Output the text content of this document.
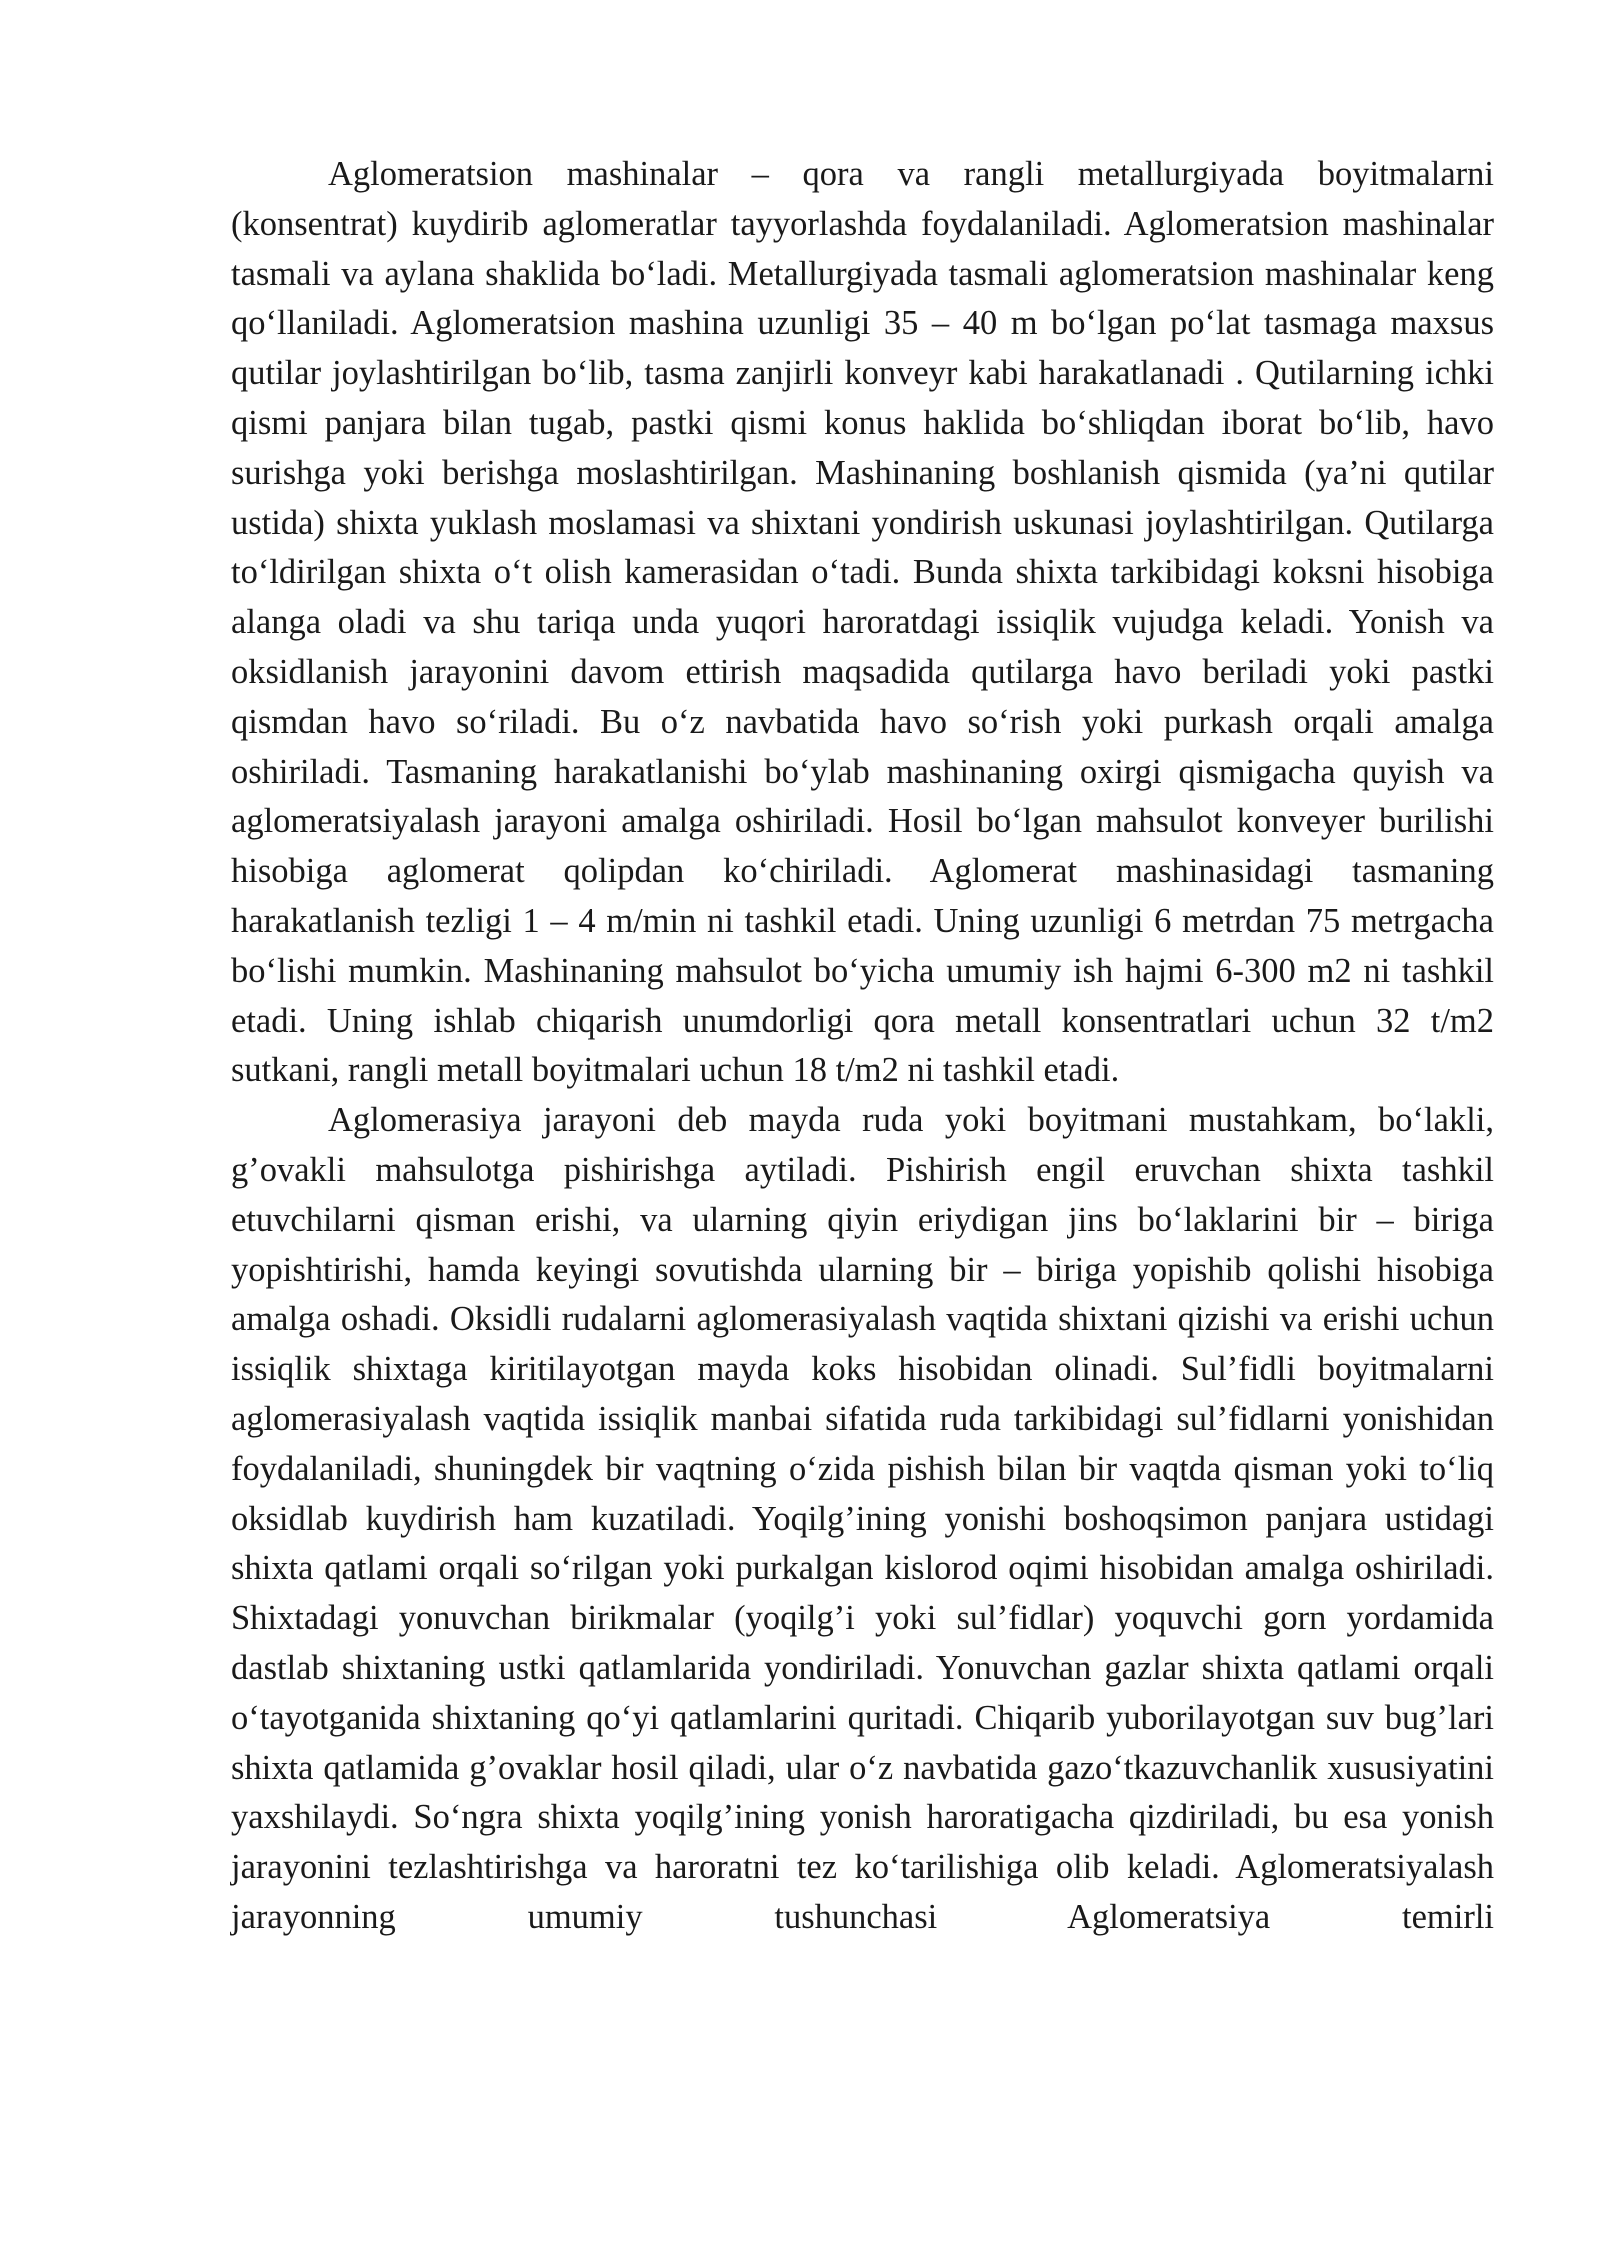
Aglomeratsion mashinalar – qora va rangli metallurgiyada boyitmalarni (konsentrat) kuydirib aglomeratlar tayyorlashda foydalaniladi. Aglomeratsion mashinalar tasmali va aylana shaklida boʻladi. Metallurgiyada tasmali aglomeratsion mashinalar keng qoʻllaniladi. Aglomeratsion mashina uzunligi 35 – 40 m boʻlgan poʻlat tasmaga maxsus qutilar joylashtirilgan boʻlib, tasma zanjirli konveyr kabi harakatlanadi . Qutilarning ichki qismi panjara bilan tugab, pastki qismi konus haklida boʻshliqdan iborat boʻlib, havo surishga yoki berishga moslashtirilgan. Mashinaning boshlanish qismida (ya’ni qutilar ustida) shixta yuklash moslamasi va shixtani yondirish uskunasi joylashtirilgan. Qutilarga toʻldirilgan shixta oʻt olish kamerasidan oʻtadi. Bunda shixta tarkibidagi koksni hisobiga alanga oladi va shu tariqa unda yuqori haroratdagi issiqlik vujudga keladi. Yonish va oksidlanish jarayonini davom ettirish maqsadida qutilarga havo beriladi yoki pastki qismdan havo soʻriladi. Bu oʻz navbatida havo soʻrish yoki purkash orqali amalga oshiriladi. Tasmaning harakatlanishi boʻylab mashinaning oxirgi qismigacha quyish va aglomeratsiyalash jarayoni amalga oshiriladi. Hosil boʻlgan mahsulot konveyer burilishi hisobiga aglomerat qolipdan koʻchiriladi. Aglomerat mashinasidagi tasmaning harakatlanish tezligi 1 – 4 m/min ni tashkil etadi. Uning uzunligi 6 metrdan 75 metrgacha boʻlishi mumkin. Mashinaning mahsulot boʻyicha umumiy ish hajmi 6-300 m2 ni tashkil etadi. Uning ishlab chiqarish unumdorligi qora metall konsentratlari uchun 32 t/m2 sutkani, rangli metall boyitmalari uchun 18 t/m2 ni tashkil etadi.

Aglomerasiya jarayoni deb mayda ruda yoki boyitmani mustahkam, boʻlakli, g’ovakli mahsulotga pishirishga aytiladi. Pishirish engil eruvchan shixta tashkil etuvchilarni qisman erishi, va ularning qiyin eriydigan jins boʻlaklarini bir – biriga yopishtirishi, hamda keyingi sovutishda ularning bir – biriga yopishib qolishi hisobiga amalga oshadi. Oksidli rudalarni aglomerasiyalash vaqtida shixtani qizishi va erishi uchun issiqlik shixtaga kiritilayotgan mayda koks hisobidan olinadi. Sul’fidli boyitmalarni aglomerasiyalash vaqtida issiqlik manbai sifatida ruda tarkibidagi sul’fidlarni yonishidan foydalaniladi, shuningdek bir vaqtning oʻzida pishish bilan bir vaqtda qisman yoki toʻliq oksidlab kuydirish ham kuzatiladi. Yoqilg’ining yonishi boshoqsimon panjara ustidagi shixta qatlami orqali soʻrilgan yoki purkalgan kislorod oqimi hisobidan amalga oshiriladi. Shixtadagi yonuvchan birikmalar (yoqilg’i yoki sul’fidlar) yoquvchi gorn yordamida dastlab shixtaning ustki qatlamlarida yondiriladi. Yonuvchan gazlar shixta qatlami orqali oʻtayotganida shixtaning qoʻyi qatlamlarini quritadi. Chiqarib yuborilayotgan suv bug’lari shixta qatlamida g’ovaklar hosil qiladi, ular oʻz navbatida gazoʻtkazuvchanlik xususiyatini yaxshilaydi. Soʻngra shixta yoqilg’ining yonish haroratigacha qizdiriladi, bu esa yonish jarayonini tezlashtirishga va haroratni tez koʻtarilishiga olib keladi. Aglomeratsiyalash jarayonning umumiy tushunchasi Aglomeratsiya temirli
